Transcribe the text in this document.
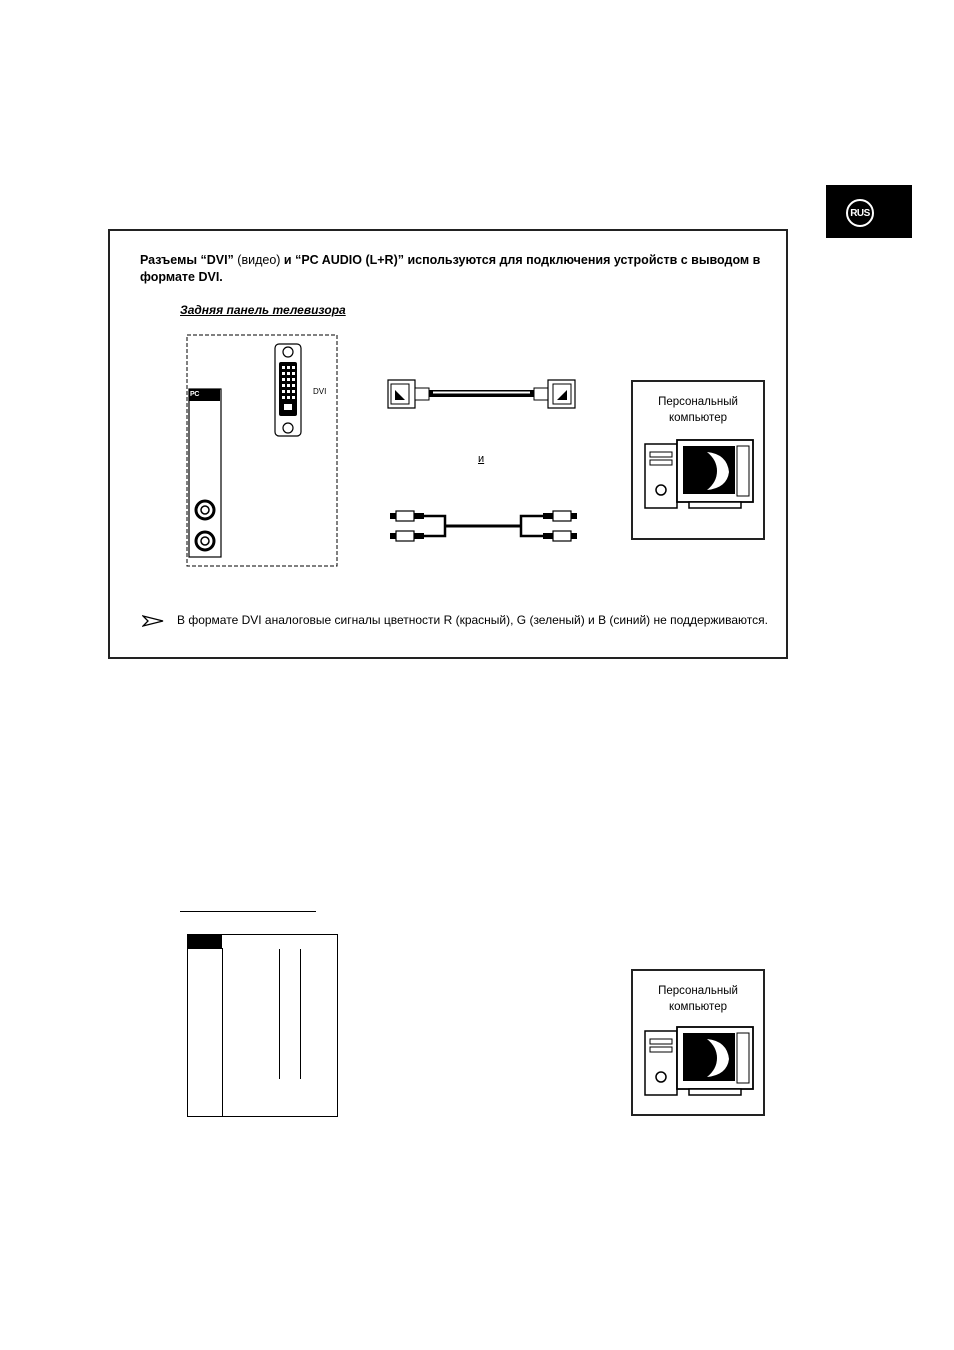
RUS
Разъемы “DVI” (видео) и “PC AUDIO (L+R)” используются для подключения устройств с выводом в формате DVI.
Задняя панель телевизора
DVI
PC AUDIO
и
Персональный
компьютер
В формате DVI аналоговые сигналы цветности R (красный), G (зеленый) и B (синий) не поддерживаются.
Персональный
компьютер
